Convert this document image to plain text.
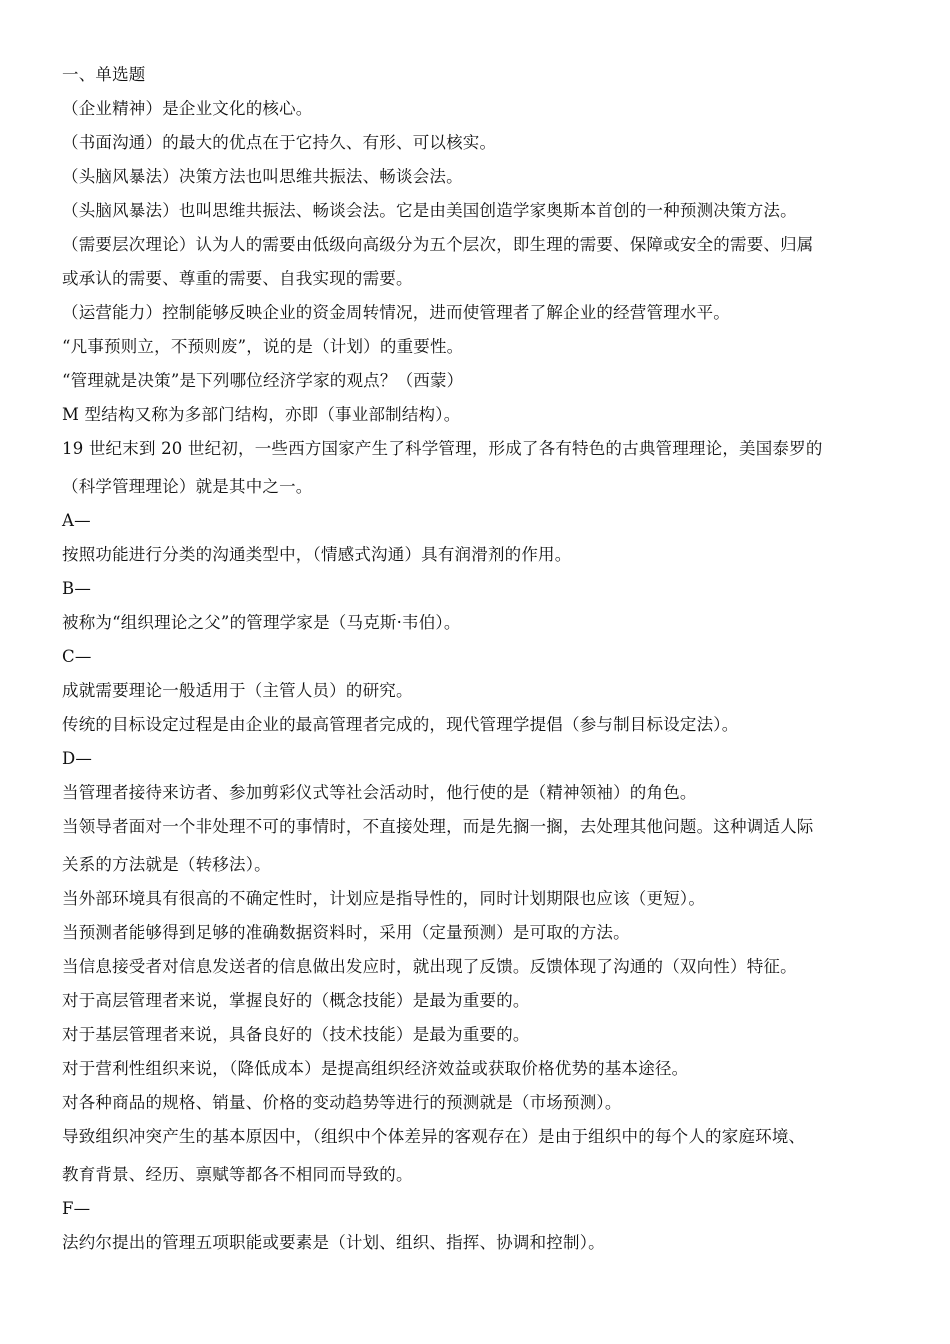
一、单选题
（企业精神）是企业文化的核心。
（书面沟通）的最大的优点在于它持久、有形、可以核实。
（头脑风暴法）决策方法也叫思维共振法、畅谈会法。
（头脑风暴法）也叫思维共振法、畅谈会法。它是由美国创造学家奥斯本首创的一种预测决策方法。
（需要层次理论）认为人的需要由低级向高级分为五个层次，即生理的需要、保障或安全的需要、归属
或承认的需要、尊重的需要、自我实现的需要。
（运营能力）控制能够反映企业的资金周转情况，进而使管理者了解企业的经营管理水平。
“凡事预则立，不预则废”，说的是（计划）的重要性。
“管理就是决策”是下列哪位经济学家的观点？（西蒙）
M 型结构又称为多部门结构，亦即（事业部制结构）。
19 世纪末到 20 世纪初，一些西方国家产生了科学管理，形成了各有特色的古典管理理论，美国泰罗的
（科学管理理论）就是其中之一。
A—
按照功能进行分类的沟通类型中，（情感式沟通）具有润滑剂的作用。
B—
被称为“组织理论之父”的管理学家是（马克斯·韦伯）。
C—
成就需要理论一般适用于（主管人员）的研究。
传统的目标设定过程是由企业的最高管理者完成的，现代管理学提倡（参与制目标设定法）。
D—
当管理者接待来访者、参加剪彩仪式等社会活动时，他行使的是（精神领袖）的角色。
当领导者面对一个非处理不可的事情时，不直接处理，而是先搁一搁，去处理其他问题。这种调适人际
关系的方法就是（转移法）。
当外部环境具有很高的不确定性时，计划应是指导性的，同时计划期限也应该（更短）。
当预测者能够得到足够的准确数据资料时，采用（定量预测）是可取的方法。
当信息接受者对信息发送者的信息做出发应时，就出现了反馈。反馈体现了沟通的（双向性）特征。
对于高层管理者来说，掌握良好的（概念技能）是最为重要的。
对于基层管理者来说，具备良好的（技术技能）是最为重要的。
对于营利性组织来说，（降低成本）是提高组织经济效益或获取价格优势的基本途径。
对各种商品的规格、销量、价格的变动趋势等进行的预测就是（市场预测）。
导致组织冲突产生的基本原因中，（组织中个体差异的客观存在）是由于组织中的每个人的家庭环境、
教育背景、经历、禀赋等都各不相同而导致的。
F—
法约尔提出的管理五项职能或要素是（计划、组织、指挥、协调和控制）。
